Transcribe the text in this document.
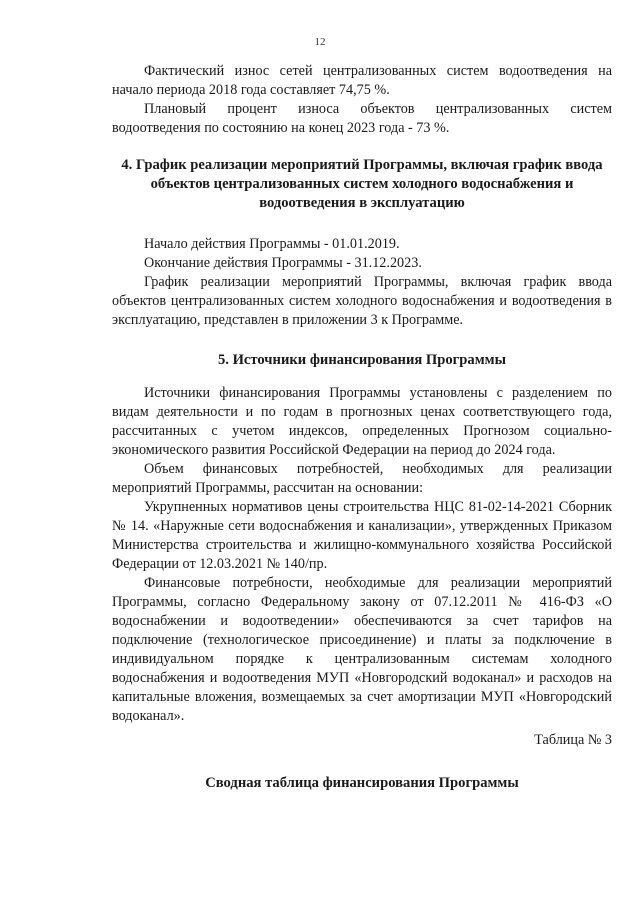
12

Фактический износ сетей централизованных систем водоотведения на начало периода 2018 года составляет 74,75 %.

Плановый процент износа объектов централизованных систем водоотведения по состоянию на конец 2023 года - 73 %.

4. График реализации мероприятий Программы, включая график ввода объектов централизованных систем холодного водоснабжения и водоотведения в эксплуатацию

Начало действия Программы - 01.01.2019.

Окончание действия Программы - 31.12.2023.

График реализации мероприятий Программы, включая график ввода объектов централизованных систем холодного водоснабжения и водоотведения в эксплуатацию, представлен в приложении 3 к Программе.

5. Источники финансирования Программы

Источники финансирования Программы установлены с разделением по видам деятельности и по годам в прогнозных ценах соответствующего года, рассчитанных с учетом индексов, определенных Прогнозом социально-экономического развития Российской Федерации на период до 2024 года.

Объем финансовых потребностей, необходимых для реализации мероприятий Программы, рассчитан на основании:

Укрупненных нормативов цены строительства НЦС 81-02-14-2021 Сборник № 14. «Наружные сети водоснабжения и канализации», утвержденных Приказом Министерства строительства и жилищно-коммунального хозяйства Российской Федерации от 12.03.2021 № 140/пр.

Финансовые потребности, необходимые для реализации мероприятий Программы, согласно Федеральному закону от 07.12.2011 № 416-ФЗ «О водоснабжении и водоотведении» обеспечиваются за счет тарифов на подключение (технологическое присоединение) и платы за подключение в индивидуальном порядке к централизованным системам холодного водоснабжения и водоотведения МУП «Новгородский водоканал» и расходов на капитальные вложения, возмещаемых за счет амортизации МУП «Новгородский водоканал».

Таблица № 3

Сводная таблица финансирования Программы
